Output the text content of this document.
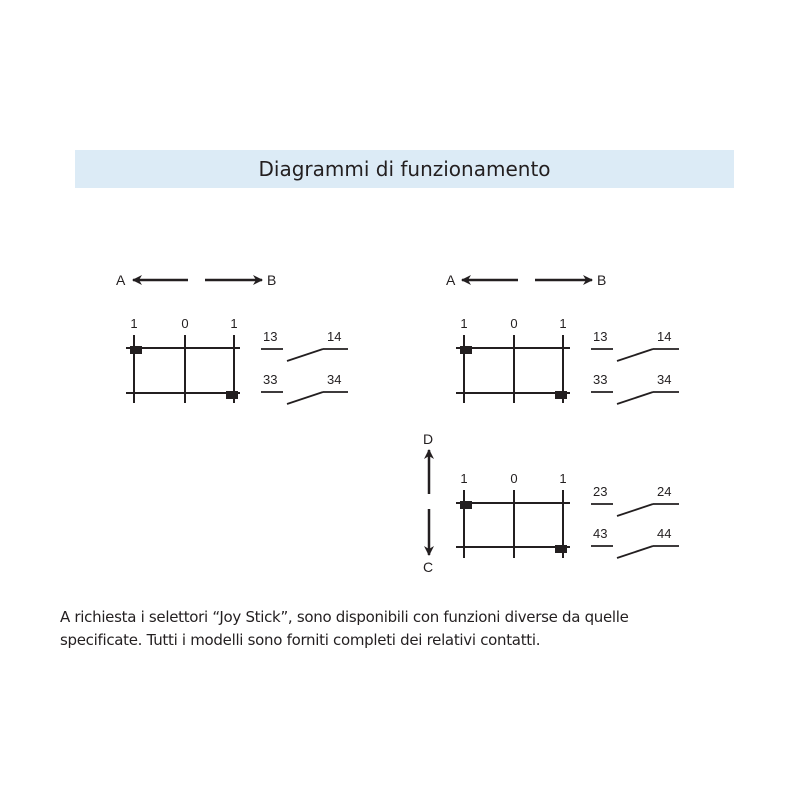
Diagrammi di funzionamento
A	B
1	0	1
13	14
33	34
A	B
1	0	1
13	14
33	34
D
C
1	0	1
23	24
43	44

A richiesta i selettori “Joy Stick”, sono disponibili con funzioni diverse da quelle

specificate. Tutti i modelli sono forniti completi dei relativi contatti.
